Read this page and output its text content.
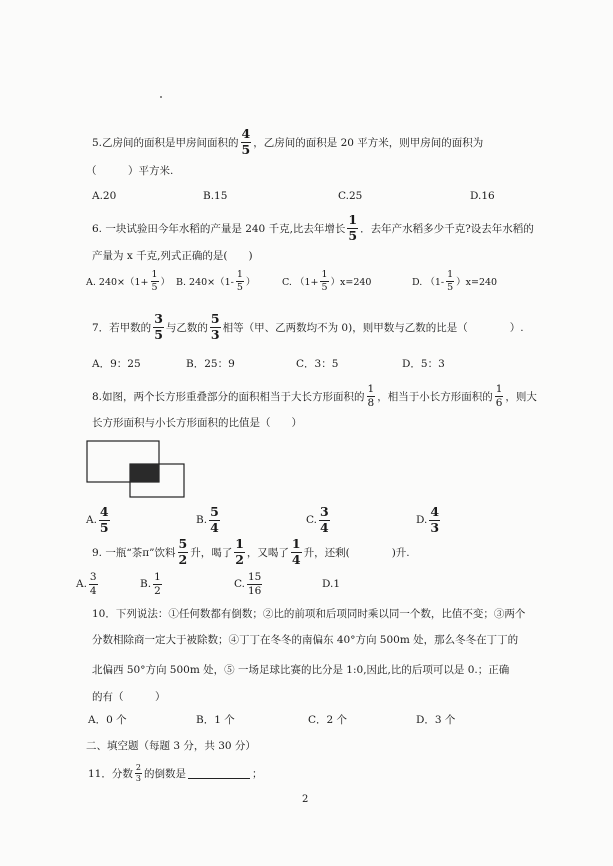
5.乙房间的面积是甲房间面积的 $\frac{4}{5}$ ，乙房间的面积是 20 平方米，则甲房间的面积为
（　　　）平方米.
A.20	B.15	C.25	D.16
6. 一块试验田今年水稻的产量是 240 千克,比去年增长 $\frac{1}{5}$ ．去年产水稻多少千克?设去年水稻的
产量为 x 千克,列式正确的是(　　)
A. $240\times(1+ \frac{1}{5}$ ） B. $240\times(1- \frac{1}{5}$ ）	C. $(1+ \frac{1}{5} )x=240$	D. $(1- \frac{1}{5} )x=240$
7．若甲数的 $\frac{3}{5}$ 与乙数的 $\frac{5}{3}$ 相等（甲、乙两数均不为 0)，则甲数与乙数的比是（　　　　）.
A．9：25	B．25：9	C．3：5	D．5：3
8.如图，两个长方形重叠部分的面积相当于大长方形面积的 $\frac{1}{8}$ ，相当于小长方形面积的 $\frac{1}{6}$ ，则大
长方形面积与小长方形面积的比值是（　　）
A. $\frac{4}{5}$	B. $\frac{5}{4}$	C. $\frac{3}{4}$	D. $\frac{4}{3}$
9. 一瓶“茶π”饮料 $\frac{5}{2}$ 升，喝了 $\frac{1}{2}$ ，又喝了 $\frac{1}{4}$ 升，还剩(　　　　)升.
A. $\frac{3}{4}$	B. $\frac{1}{2}$	C. $\frac{15}{16}$	D.1
10．下列说法：①任何数都有倒数；②比的前项和后项同时乘以同一个数，比值不变；③两个
分数相除商一定大于被除数；④丁丁在冬冬的南偏东 40°方向 500m 处，那么冬冬在丁丁的
北偏西 50°方向 500m 处，⑤ 一场足球比赛的比分是 1:0,因此,比的后项可以是 0.；正确
的有（　　　）
A．0 个	B．1 个	C．2 个	D．3 个
二、填空题（每题 3 分，共 30 分）
11．分数 $\frac{2}{3}$ 的倒数是	；
2
